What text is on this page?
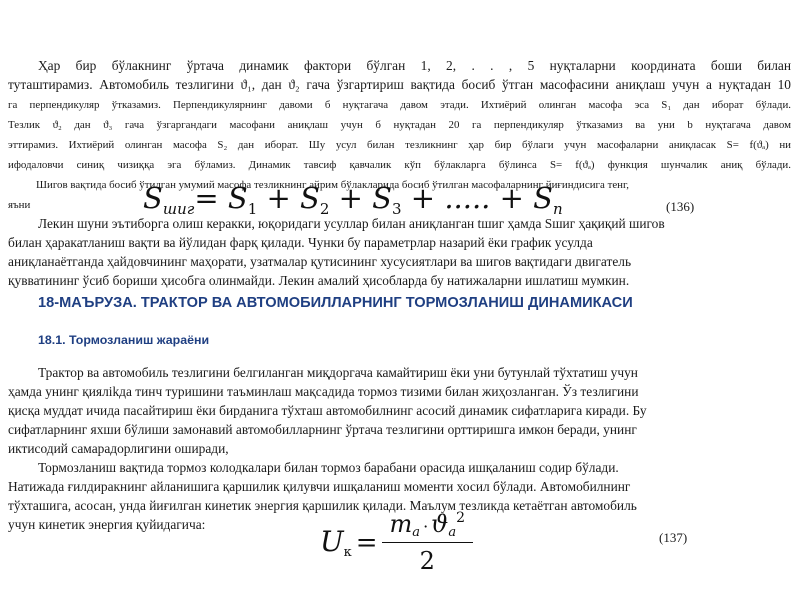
Ҳар бир бўлакнинг ўртача динамик фактори бўлган 1, 2, . . , 5 нуқталарни координата боши билан
туташтирамиз. Автомобиль тезлигини ϑ₁, дан ϑ₂ гача ўзгартириш вақтида босиб ўтган масофасини аниқлаш учун а нуқтадан 10

га перпендикуляр ўтказамиз. Перпендикулярнинг давоми б нуқтагача давом этади. Ихтиёрий олинган масофа эса S₁ дан иборат бўлади.
Тезлик ϑ₂ дан ϑ₃ гача ўзгаргандаги масофани аниқлаш учун б нуқтадан 20 га перпендикуляр ўтказамиз ва уни b нуқтагача давом
эттирамиз. Ихтиёрий олинган масофа S₂ дан иборат. Шу усул билан тезликнинг ҳар бир бўлаги учун масофаларни аниқласак S= f(ϑₐ) ни
ифодаловчи синиқ чизиққа эга бўламиз. Динамик тавсиф қавчалик кўп бўлакларга бўлинса S= f(ϑₐ) функция шунчалик аниқ бўлади.

Шигов вақтида босиб ўтилган умумий масофа тезликнинг айрим бўлакларида босиб ўтилган масофаларнинг йиғиндисига тенг,
яъни	$S_{шиг}= S_1 + S_2 + S_3$ + ..... + $S_n$	(136)

Лекин шуни эътиборга олиш керакки, юқоридаги усуллар билан аниқланган tшиг ҳамда Sшиг ҳақиқий шигов
билан ҳаракатланиш вақти ва йўлидан фарқ қилади. Чунки бу параметрлар назарий ёки график усулда
аниқланаётганда ҳайдовчининг маҳорати, узатмалар қутисининг хусусиятлари ва шигов вақтидаги двигатель
қувватининг ўсиб бориши ҳисобга олинмайди. Лекин амалий ҳисобларда бу натижаларни ишлатиш мумкин.

18-МАЪРУЗА. ТРАКТОР ВА АВТОМОБИЛЛАРНИНГ ТОРМОЗЛАНИШ ДИНАМИКАСИ
18.1. Тормозланиш жараёни

Трактор ва автомобиль тезлигини белгиланган миқдоргача камайтириш ёки уни бутунлай тўхтатиш учун
ҳамда унинг қиялikда тинч туришини таъминлаш мақсадида тормоз тизими билан жиҳозланган. Ўз тезлигини
қисқа муддат ичида пасайтириш ёки бирданига тўхташ автомобилнинг асосий динамик сифатларига киради. Бу
сифатларнинг яхши бўлиши замонавий автомобилларнинг ўртача тезлигини орттиришга имкон беради, унинг
иктисодий самарадорлигини оширади,
Тормозланиш вақтида тормоз колодкалари билан тормоз барабани орасида ишқаланиш содир бўлади.
Натижада ғилдиракнинг айланишига қаршилик қилувчи ишқаланиш моменти хосил бўлади. Автомобилнинг
тўхташига, асосан, унда йиғилган кинетик энергия қаршилик қилади. Маълум тезликда кетаётган автомобиль
учун кинетик энергия қуйидагича:

$U_к = \frac{m_a \cdot ϑ_a^2}{2}$	(137)
